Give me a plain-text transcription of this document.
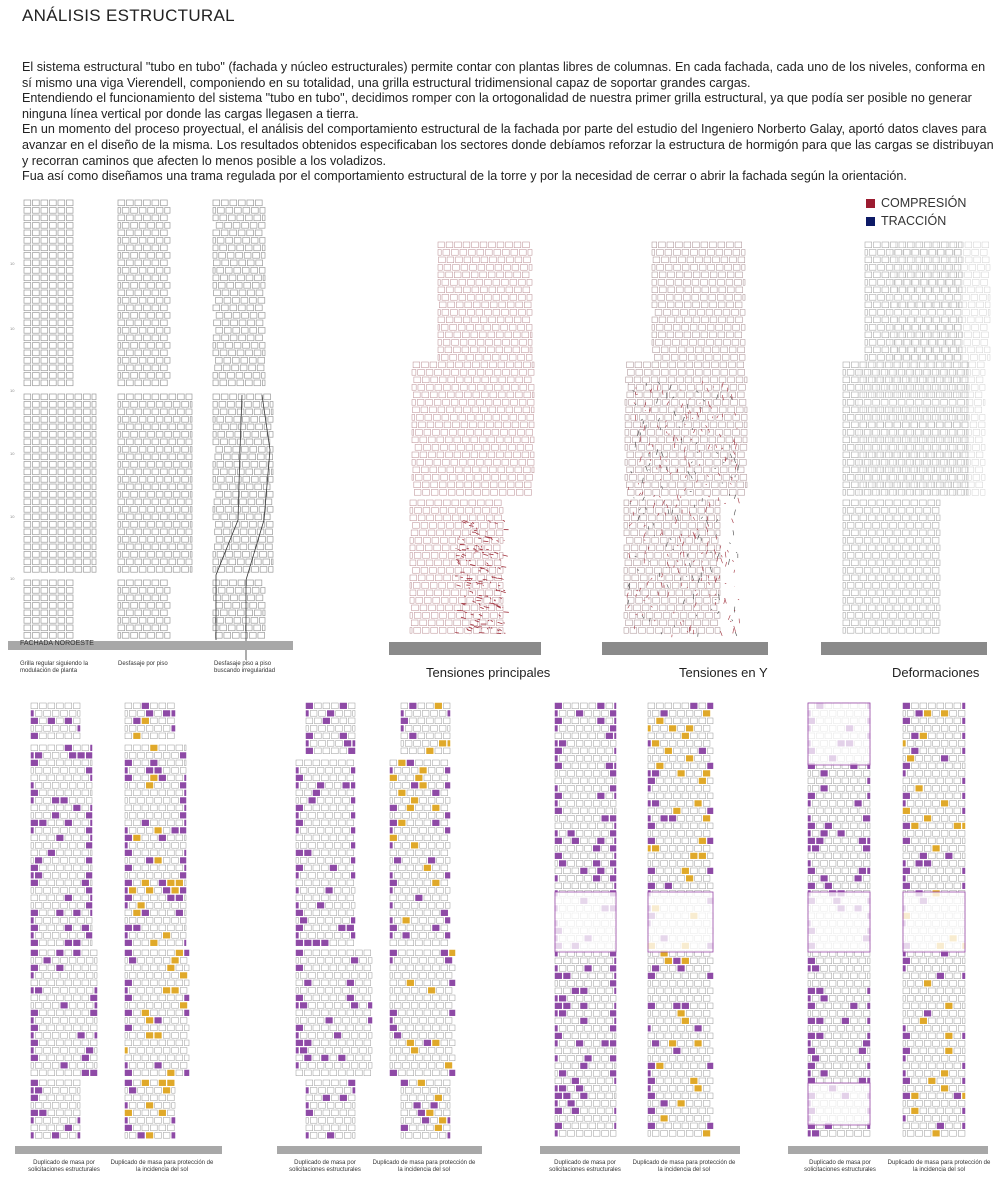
ANÁLISIS ESTRUCTURAL

El sistema estructural "tubo en tubo" (fachada y núcleo estructurales) permite contar con plantas libres de columnas. En cada fachada, cada uno de los niveles, conforma en sí mismo una viga Vierendell, componiendo en su totalidad, una grilla estructural tridimensional capaz de soportar grandes cargas.

Entendiendo el funcionamiento del sistema "tubo en tubo", decidimos romper con la ortogonalidad de nuestra primer grilla estructural, ya que podía ser posible no generar ninguna línea vertical por donde las cargas llegasen a tierra.

En un momento del proceso proyectual, el análisis del comportamiento estructural de la fachada por parte del estudio del Ingeniero Norberto Galay, aportó datos claves para avanzar en el diseño de la misma. Los resultados obtenidos especificaban los sectores donde debíamos reforzar la estructura de hormigón para que las cargas se distribuyan y recorran caminos que afecten lo menos posible a los voladizos.

Fua así como diseñamos una trama regulada por el comportamiento estructural de la torre y por la necesidad de cerrar o abrir la fachada según la orientación.

COMPRESIÓN
TRACCIÓN
10
10
10
10
10
10
FACHADA NOROESTE
Grilla regular siguiendo la modulación de planta
Desfasaje por piso	Desfasaje piso a piso buscando irregularidad	Tensiones principales	Tensiones en Y	Deformaciones
Duplicado de masa por solicitaciones estructurales
Duplicado de masa para protección de la incidencia del sol
Duplicado de masa por solicitaciones estructurales
Duplicado de masa para protección de la incidencia del sol
Duplicado de masa por solicitaciones estructurales
Duplicado de masa para protección de la incidencia del sol
Duplicado de masa por solicitaciones estructurales
Duplicado de masa para protección de la incidencia del sol
